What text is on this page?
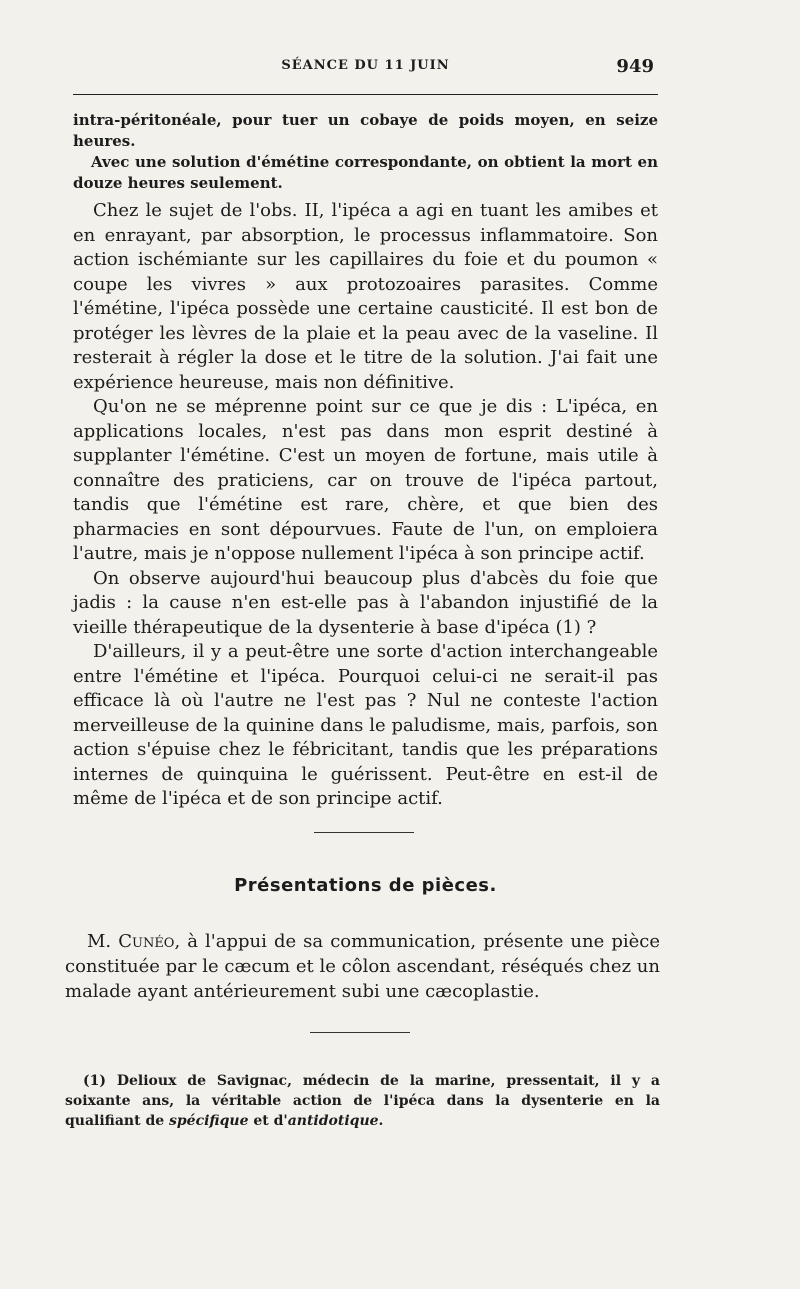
SÉANCE DU 11 JUIN	949

intra-péritonéale, pour tuer un cobaye de poids moyen, en seize heures.

Avec une solution d'émétine correspondante, on obtient la mort en douze heures seulement.

Chez le sujet de l'obs. II, l'ipéca a agi en tuant les amibes et en enrayant, par absorption, le processus inflammatoire. Son action ischémiante sur les capillaires du foie et du poumon « coupe les vivres » aux protozoaires parasites. Comme l'émétine, l'ipéca possède une certaine causticité. Il est bon de protéger les lèvres de la plaie et la peau avec de la vaseline. Il resterait à régler la dose et le titre de la solution. J'ai fait une expérience heureuse, mais non définitive.

Qu'on ne se méprenne point sur ce que je dis : L'ipéca, en applications locales, n'est pas dans mon esprit destiné à supplanter l'émétine. C'est un moyen de fortune, mais utile à connaître des praticiens, car on trouve de l'ipéca partout, tandis que l'émétine est rare, chère, et que bien des pharmacies en sont dépourvues. Faute de l'un, on emploiera l'autre, mais je n'oppose nullement l'ipéca à son principe actif.

On observe aujourd'hui beaucoup plus d'abcès du foie que jadis : la cause n'en est-elle pas à l'abandon injustifié de la vieille thérapeutique de la dysenterie à base d'ipéca (1) ?

D'ailleurs, il y a peut-être une sorte d'action interchangeable entre l'émétine et l'ipéca. Pourquoi celui-ci ne serait-il pas efficace là où l'autre ne l'est pas ? Nul ne conteste l'action merveilleuse de la quinine dans le paludisme, mais, parfois, son action s'épuise chez le fébricitant, tandis que les préparations internes de quinquina le guérissent. Peut-être en est-il de même de l'ipéca et de son principe actif.

Présentations de pièces.

M. Cunéo, à l'appui de sa communication, présente une pièce constituée par le cæcum et le côlon ascendant, réséqués chez un malade ayant antérieurement subi une cæcoplastie.

(1) Delioux de Savignac, médecin de la marine, pressentait, il y a soixante ans, la véritable action de l'ipéca dans la dysenterie en la qualifiant de spécifique et d'antidotique.
